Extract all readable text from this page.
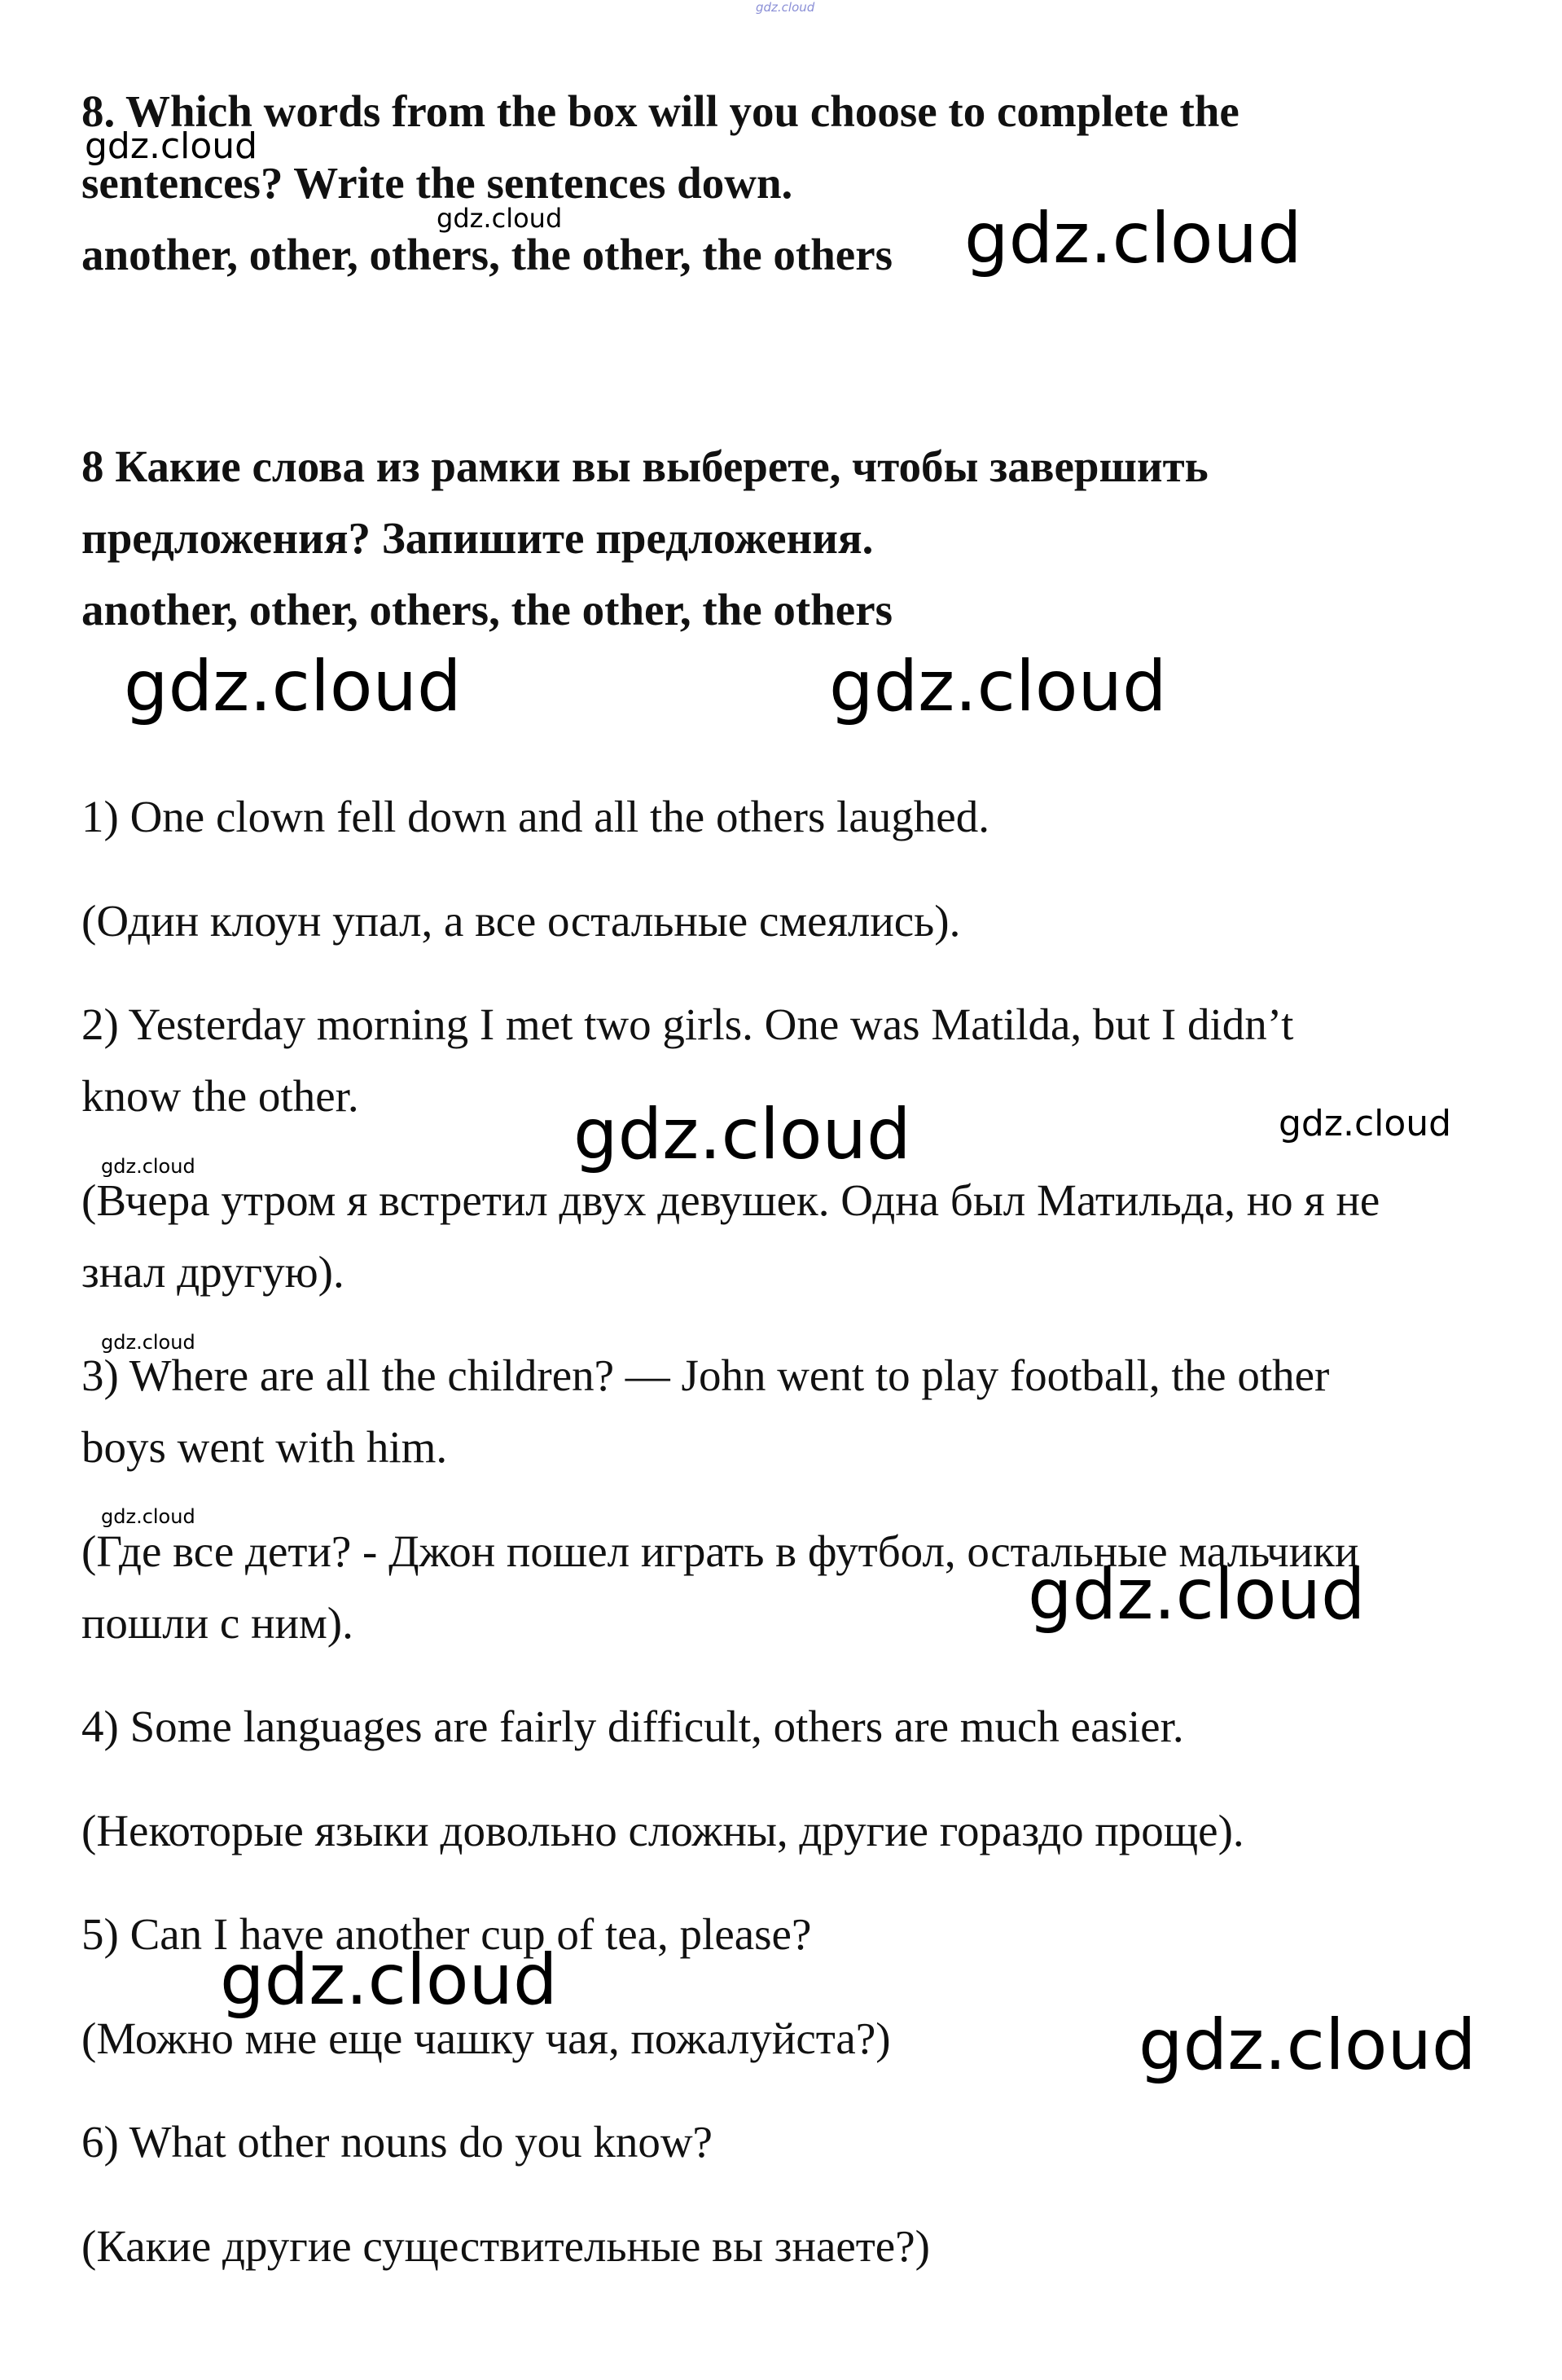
8. Which words from the box will you choose to complete the
sentences? Write the sentences down.
another, other, others, the other, the others
8 Какие слова из рамки вы выберете, чтобы завершить
предложения? Запишите предложения.
another, other, others, the other, the others
1) One clown fell down and all the others laughed.
(Один клоун упал, а все остальные смеялись).
2) Yesterday morning I met two girls. One was Matilda, but I didn’t
know the other.
(Вчера утром я встретил двух девушек. Одна был Матильда, но я не
знал другую).
3) Where are all the children? — John went to play football, the other
boys went with him.
(Где все дети? - Джон пошел играть в футбол, остальные мальчики
пошли с ним).
4) Some languages are fairly difficult, others are much easier.
(Некоторые языки довольно сложны, другие гораздо проще).
5) Can I have another cup of tea, please?
(Можно мне еще чашку чая, пожалуйста?)
6) What other nouns do you know?
(Какие другие существительные вы знаете?)
gdz.cloud
gdz.cloud
gdz.cloud	gdz.cloud
gdz.cloud	gdz.cloud
gdz.cloud	gdz.cloud
gdz.cloud
gdz.cloud
gdz.cloud
gdz.cloud
gdz.cloud
gdz.cloud
